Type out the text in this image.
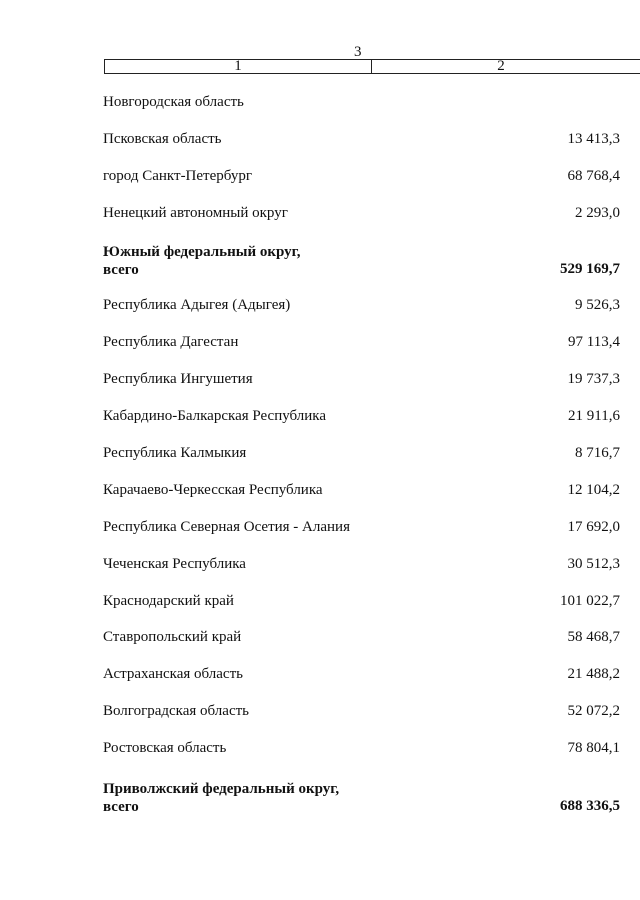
3
1	2
Новгородская область
Псковская область	13 413,3
город Санкт-Петербург	68 768,4
Ненецкий автономный округ	2 293,0
Южный федеральный округ,
всего	529 169,7
Республика Адыгея (Адыгея)	9 526,3
Республика Дагестан	97 113,4
Республика Ингушетия	19 737,3
Кабардино-Балкарская Республика	21 911,6
Республика Калмыкия	8 716,7
Карачаево-Черкесская Республика	12 104,2
Республика Северная Осетия - Алания	17 692,0
Чеченская Республика	30 512,3
Краснодарский край	101 022,7
Ставропольский край	58 468,7
Астраханская область	21 488,2
Волгоградская область	52 072,2
Ростовская область	78 804,1
Приволжский федеральный округ,
всего	688 336,5
